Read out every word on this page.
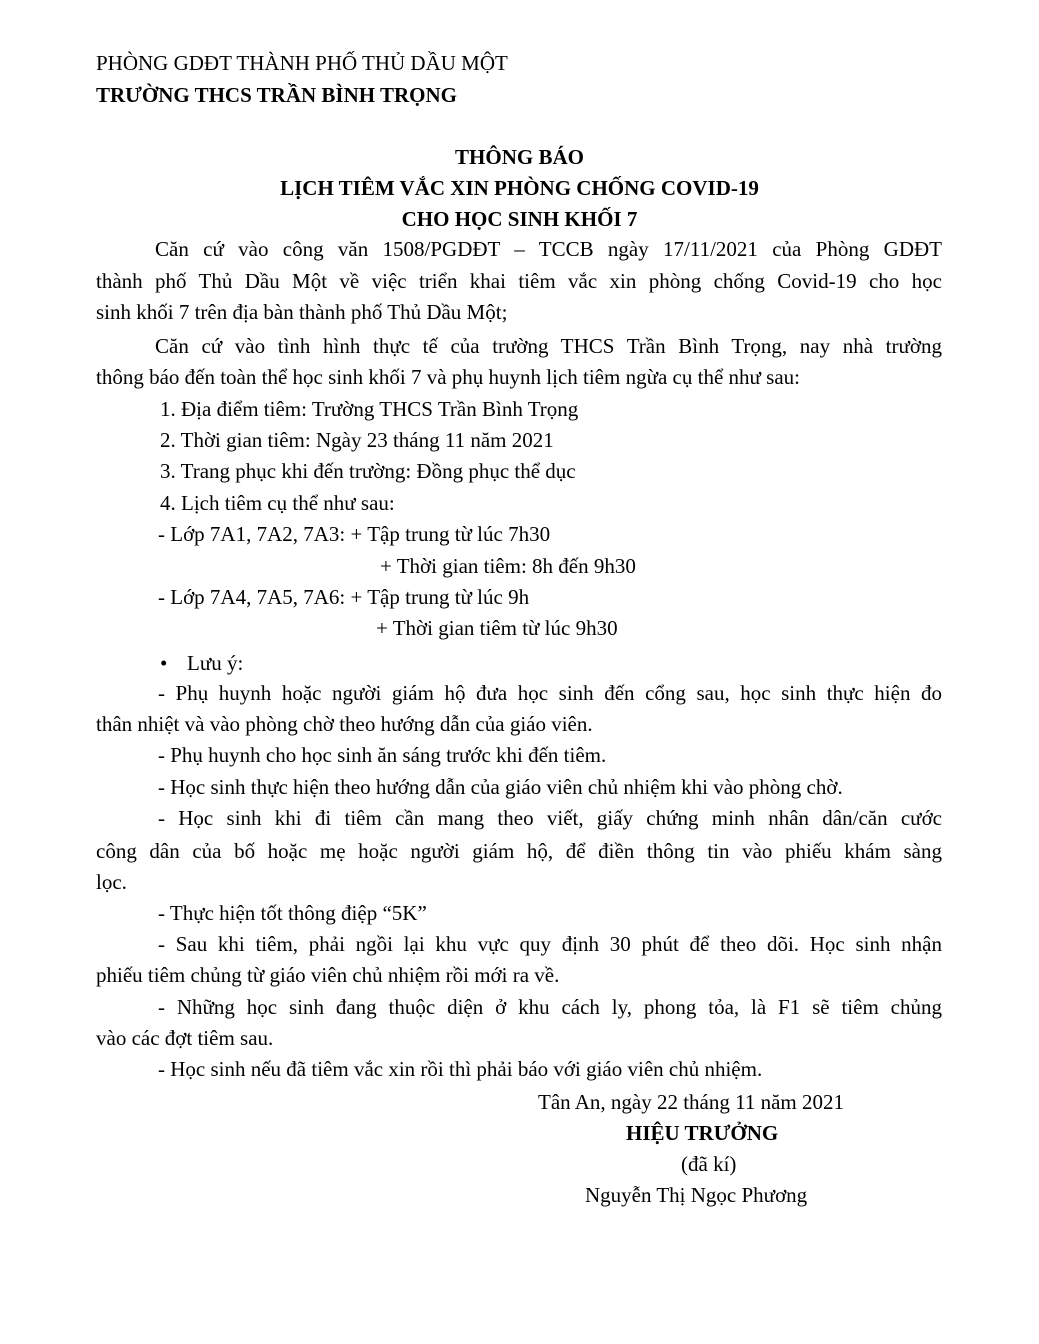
PHÒNG GDĐT THÀNH PHỐ THỦ DẦU MỘT
TRƯỜNG THCS TRẦN BÌNH TRỌNG
THÔNG BÁO
LỊCH TIÊM VẮC XIN PHÒNG CHỐNG COVID-19
CHO HỌC SINH KHỐI 7
Căn cứ vào công văn 1508/PGDĐT – TCCB ngày 17/11/2021 của Phòng GDĐT
thành phố Thủ Dầu Một về việc triển khai tiêm vắc xin phòng chống Covid-19 cho học
sinh khối 7 trên địa bàn thành phố Thủ Dầu Một;
Căn cứ vào tình hình thực tế của trường THCS Trần Bình Trọng, nay nhà trường
thông báo đến toàn thể học sinh khối 7 và phụ huynh lịch tiêm ngừa cụ thể như sau:
1. Địa điểm tiêm: Trường THCS Trần Bình Trọng
2. Thời gian tiêm: Ngày 23 tháng 11 năm 2021
3. Trang phục khi đến trường: Đồng phục thể dục
4. Lịch tiêm cụ thể như sau:
- Lớp 7A1, 7A2, 7A3: + Tập trung từ lúc 7h30
+ Thời gian tiêm: 8h đến 9h30
- Lớp 7A4, 7A5, 7A6: + Tập trung từ lúc 9h
+ Thời gian tiêm từ lúc 9h30
• Lưu ý:
- Phụ huynh hoặc người giám hộ đưa học sinh đến cổng sau, học sinh thực hiện đo
thân nhiệt và vào phòng chờ theo hướng dẫn của giáo viên.
- Phụ huynh cho học sinh ăn sáng trước khi đến tiêm.
- Học sinh thực hiện theo hướng dẫn của giáo viên chủ nhiệm khi vào phòng chờ.
- Học sinh khi đi tiêm cần mang theo viết, giấy chứng minh nhân dân/căn cước
công dân của bố hoặc mẹ hoặc người giám hộ, để điền thông tin vào phiếu khám sàng
lọc.
- Thực hiện tốt thông điệp “5K”
- Sau khi tiêm, phải ngồi lại khu vực quy định 30 phút để theo dõi. Học sinh nhận
phiếu tiêm chủng từ giáo viên chủ nhiệm rồi mới ra về.
- Những học sinh đang thuộc diện ở khu cách ly, phong tỏa, là F1 sẽ tiêm chủng
vào các đợt tiêm sau.
- Học sinh nếu đã tiêm vắc xin rồi thì phải báo với giáo viên chủ nhiệm.
Tân An, ngày 22 tháng 11 năm 2021
HIỆU TRƯỞNG
(đã kí)
Nguyễn Thị Ngọc Phương
